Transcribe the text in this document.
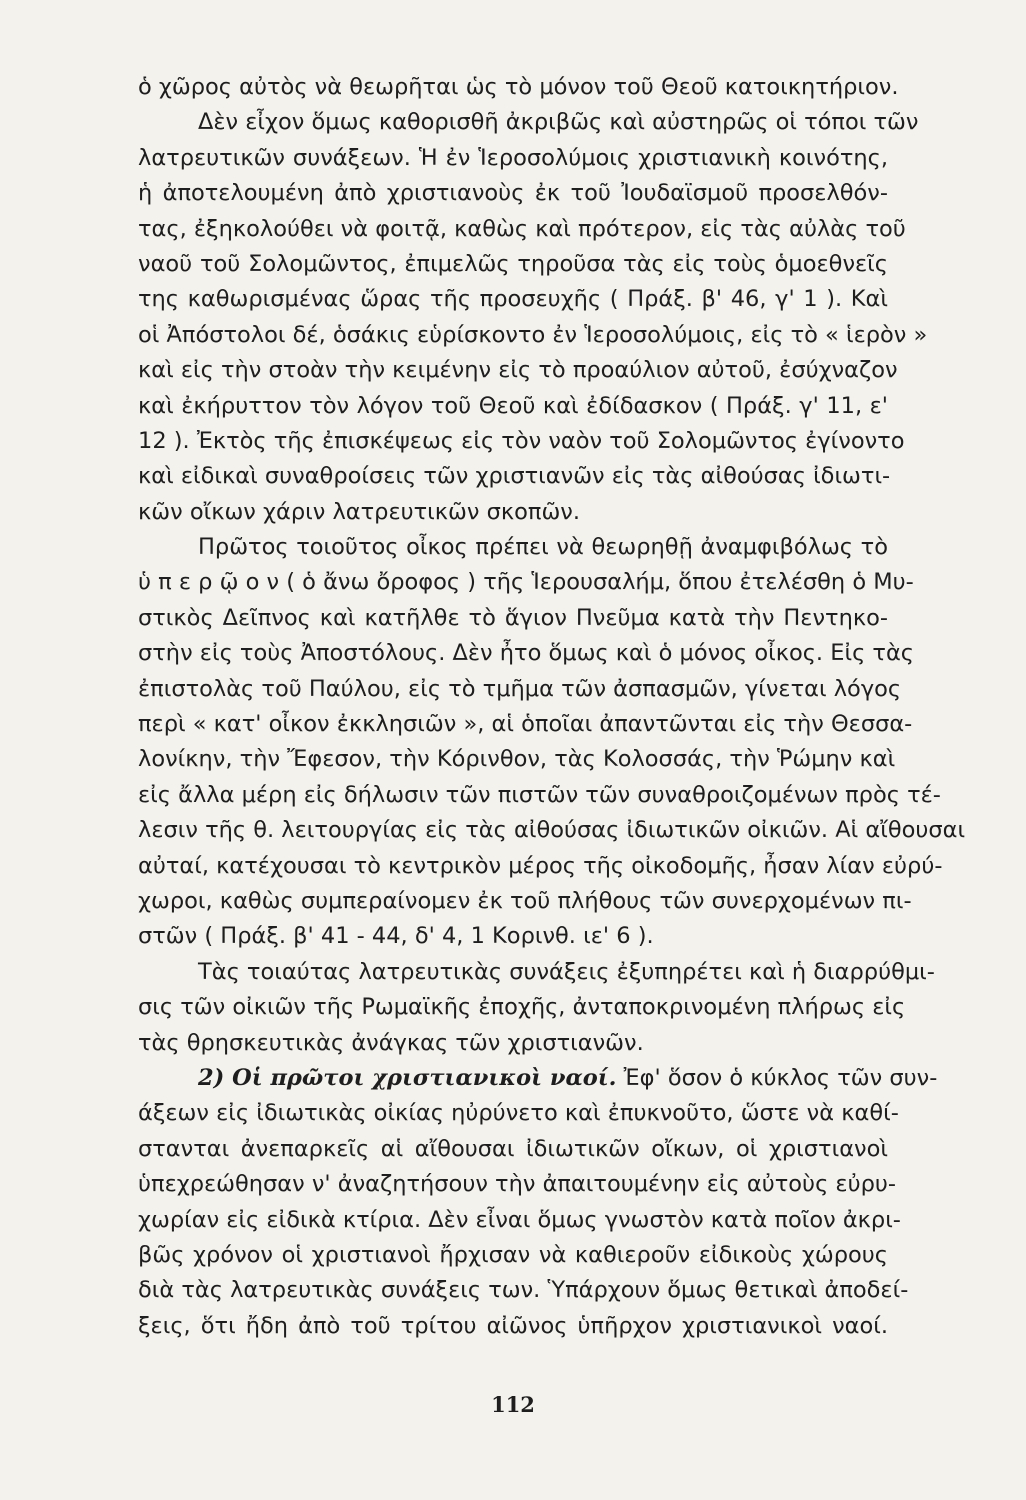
ὁ χῶρος αὐτὸς νὰ θεωρῆται ὡς τὸ μόνον τοῦ Θεοῦ κατοικητήριον.
Δὲν εἶχον ὅμως καθορισθῆ ἀκριβῶς καὶ αὐστηρῶς οἱ τόποι τῶν
λατρευτικῶν συνάξεων. Ἡ ἐν Ἱεροσολύμοις χριστιανικὴ κοινότης,
ἡ ἀποτελουμένη ἀπὸ χριστιανοὺς ἐκ τοῦ Ἰουδαϊσμοῦ προσελθόν-
τας, ἐξηκολούθει νὰ φοιτᾷ, καθὼς καὶ πρότερον, εἰς τὰς αὐλὰς τοῦ
ναοῦ τοῦ Σολομῶντος, ἐπιμελῶς τηροῦσα τὰς εἰς τοὺς ὁμοεθνεῖς
της καθωρισμένας ὥρας τῆς προσευχῆς ( Πράξ. β' 46, γ' 1 ). Καὶ
οἱ Ἀπόστολοι δέ, ὁσάκις εὑρίσκοντο ἐν Ἱεροσολύμοις, εἰς τὸ « ἱερὸν »
καὶ εἰς τὴν στοὰν τὴν κειμένην εἰς τὸ προαύλιον αὐτοῦ, ἐσύχναζον
καὶ ἐκήρυττον τὸν λόγον τοῦ Θεοῦ καὶ ἐδίδασκον ( Πράξ. γ' 11, ε'
12 ). Ἐκτὸς τῆς ἐπισκέψεως εἰς τὸν ναὸν τοῦ Σολομῶντος ἐγίνοντο
καὶ εἰδικαὶ συναθροίσεις τῶν χριστιανῶν εἰς τὰς αἰθούσας ἰδιωτι-
κῶν οἴκων χάριν λατρευτικῶν σκοπῶν.
Πρῶτος τοιοῦτος οἶκος πρέπει νὰ θεωρηθῇ ἀναμφιβόλως τὸ
ὑ π ε ρ ῷ ο ν ( ὁ ἄνω ὄροφος ) τῆς Ἱερουσαλήμ, ὅπου ἐτελέσθη ὁ Μυ-
στικὸς Δεῖπνος καὶ κατῆλθε τὸ ἅγιον Πνεῦμα κατὰ τὴν Πεντηκο-
στὴν εἰς τοὺς Ἀποστόλους. Δὲν ἦτο ὅμως καὶ ὁ μόνος οἶκος. Εἰς τὰς
ἐπιστολὰς τοῦ Παύλου, εἰς τὸ τμῆμα τῶν ἀσπασμῶν, γίνεται λόγος
περὶ « κατ' οἶκον ἐκκλησιῶν », αἱ ὁποῖαι ἀπαντῶνται εἰς τὴν Θεσσα-
λονίκην, τὴν Ἔφεσον, τὴν Κόρινθον, τὰς Κολοσσάς, τὴν Ῥώμην καὶ
εἰς ἄλλα μέρη εἰς δήλωσιν τῶν πιστῶν τῶν συναθροιζομένων πρὸς τέ-
λεσιν τῆς θ. λειτουργίας εἰς τὰς αἰθούσας ἰδιωτικῶν οἰκιῶν. Αἱ αἴθουσαι
αὐταί, κατέχουσαι τὸ κεντρικὸν μέρος τῆς οἰκοδομῆς, ἦσαν λίαν εὐρύ-
χωροι, καθὼς συμπεραίνομεν ἐκ τοῦ πλήθους τῶν συνερχομένων πι-
στῶν ( Πράξ. β' 41 - 44, δ' 4, 1 Κορινθ. ιε' 6 ).
Τὰς τοιαύτας λατρευτικὰς συνάξεις ἐξυπηρέτει καὶ ἡ διαρρύθμι-
σις τῶν οἰκιῶν τῆς Ρωμαϊκῆς ἐποχῆς, ἀνταποκρινομένη πλήρως εἰς
τὰς θρησκευτικὰς ἀνάγκας τῶν χριστιανῶν.
2) Οἱ πρῶτοι χριστιανικοὶ ναοί. Ἐφ' ὅσον ὁ κύκλος τῶν συν-
άξεων εἰς ἰδιωτικὰς οἰκίας ηὐρύνετο καὶ ἐπυκνοῦτο, ὥστε νὰ καθί-
στανται ἀνεπαρκεῖς αἱ αἴθουσαι ἰδιωτικῶν οἴκων, οἱ χριστιανοὶ
ὑπεχρεώθησαν ν' ἀναζητήσουν τὴν ἀπαιτουμένην εἰς αὐτοὺς εὐρυ-
χωρίαν εἰς εἰδικὰ κτίρια. Δὲν εἶναι ὅμως γνωστὸν κατὰ ποῖον ἀκρι-
βῶς χρόνον οἱ χριστιανοὶ ἤρχισαν νὰ καθιεροῦν εἰδικοὺς χώρους
διὰ τὰς λατρευτικὰς συνάξεις των. Ὑπάρχουν ὅμως θετικαὶ ἀποδεί-
ξεις, ὅτι ἤδη ἀπὸ τοῦ τρίτου αἰῶνος ὑπῆρχον χριστιανικοὶ ναοί.
112
